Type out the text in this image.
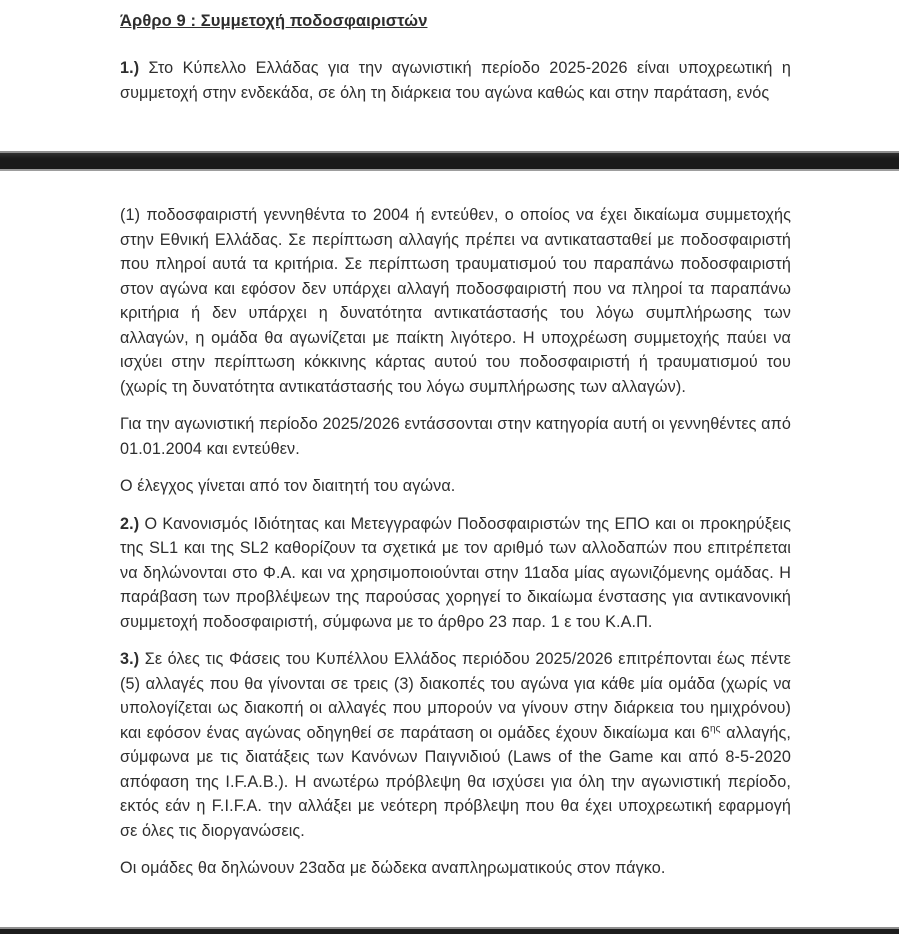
Άρθρο 9 : Συμμετοχή ποδοσφαιριστών

1.) Στο Κύπελλο Ελλάδας για την αγωνιστική περίοδο 2025-2026 είναι υποχρεωτική η συμμετοχή στην ενδεκάδα, σε όλη τη διάρκεια του αγώνα καθώς και στην παράταση, ενός

(1) ποδοσφαιριστή γεννηθέντα το 2004 ή εντεύθεν, ο οποίος να έχει δικαίωμα συμμετοχής στην Εθνική Ελλάδας. Σε περίπτωση αλλαγής πρέπει να αντικατασταθεί με ποδοσφαιριστή που πληροί αυτά τα κριτήρια. Σε περίπτωση τραυματισμού του παραπάνω ποδοσφαιριστή στον αγώνα και εφόσον δεν υπάρχει αλλαγή ποδοσφαιριστή που να πληροί τα παραπάνω κριτήρια ή δεν υπάρχει η δυνατότητα αντικατάστασής του λόγω συμπλήρωσης των αλλαγών, η ομάδα θα αγωνίζεται με παίκτη λιγότερο. Η υποχρέωση συμμετοχής παύει να ισχύει στην περίπτωση κόκκινης κάρτας αυτού του ποδοσφαιριστή ή τραυματισμού του (χωρίς τη δυνατότητα αντικατάστασής του λόγω συμπλήρωσης των αλλαγών).

Για την αγωνιστική περίοδο 2025/2026 εντάσσονται στην κατηγορία αυτή οι γεννηθέντες από 01.01.2004 και εντεύθεν.

Ο έλεγχος γίνεται από τον διαιτητή του αγώνα.

2.) Ο Κανονισμός Ιδιότητας και Μετεγγραφών Ποδοσφαιριστών της ΕΠΟ και οι προκηρύξεις της SL1 και της SL2 καθορίζουν τα σχετικά με τον αριθμό των αλλοδαπών που επιτρέπεται να δηλώνονται στο Φ.Α. και να χρησιμοποιούνται στην 11αδα μίας αγωνιζόμενης ομάδας. Η παράβαση των προβλέψεων της παρούσας χορηγεί το δικαίωμα ένστασης για αντικανονική συμμετοχή ποδοσφαιριστή, σύμφωνα με το άρθρο 23 παρ. 1 ε του Κ.Α.Π.

3.) Σε όλες τις Φάσεις του Κυπέλλου Ελλάδος περιόδου 2025/2026 επιτρέπονται έως πέντε (5) αλλαγές που θα γίνονται σε τρεις (3) διακοπές του αγώνα για κάθε μία ομάδα (χωρίς να υπολογίζεται ως διακοπή οι αλλαγές που μπορούν να γίνουν στην διάρκεια του ημιχρόνου) και εφόσον ένας αγώνας οδηγηθεί σε παράταση οι ομάδες έχουν δικαίωμα και $6^{\eta\varsigma}$ αλλαγής, σύμφωνα με τις διατάξεις των Κανόνων Παιγνιδιού (Laws of the Game και από 8-5-2020 απόφαση της I.F.A.B.). Η ανωτέρω πρόβλεψη θα ισχύσει για όλη την αγωνιστική περίοδο, εκτός εάν η F.I.F.A. την αλλάξει με νεότερη πρόβλεψη που θα έχει υποχρεωτική εφαρμογή σε όλες τις διοργανώσεις.

Οι ομάδες θα δηλώνουν 23αδα με δώδεκα αναπληρωματικούς στον πάγκο.
